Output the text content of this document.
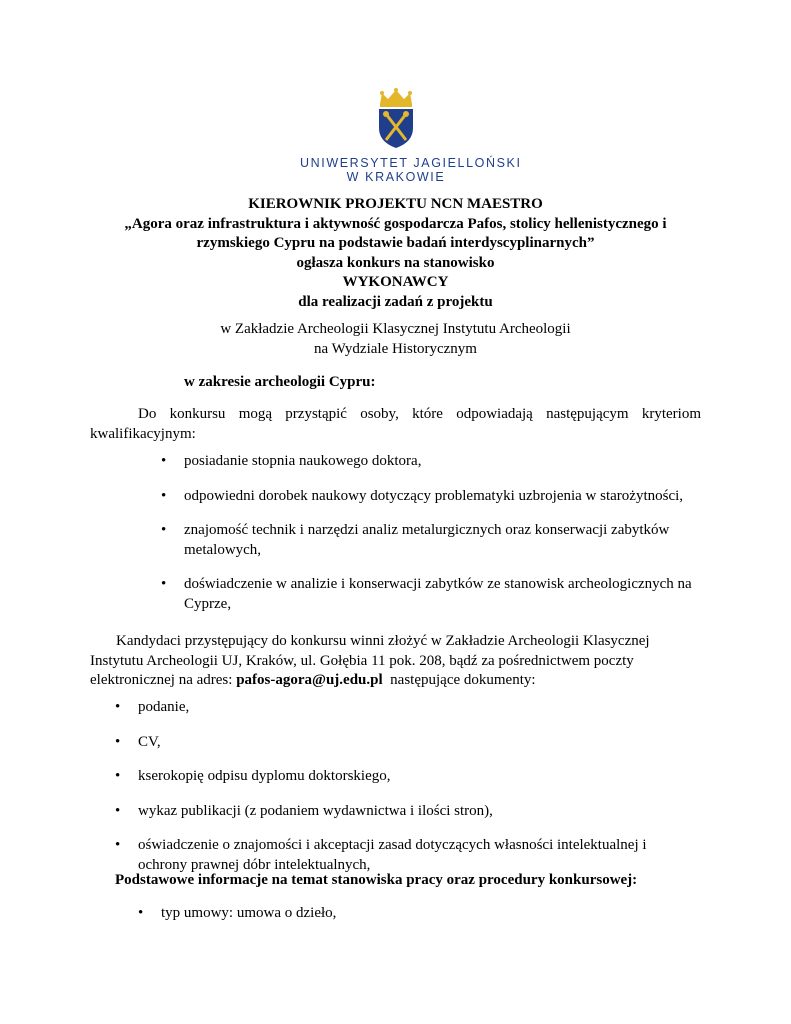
UNIWERSYTET JAGIELLOŃSKI
W KRAKOWIE
KIEROWNIK PROJEKTU NCN MAESTRO
„Agora oraz infrastruktura i aktywność gospodarcza Pafos, stolicy hellenistycznego i
rzymskiego Cypru na podstawie badań interdyscyplinarnych”
ogłasza konkurs na stanowisko
WYKONAWCY
dla realizacji zadań z projektu
w Zakładzie Archeologii Klasycznej Instytutu Archeologii
na Wydziale Historycznym
w zakresie archeologii Cypru:
Do konkursu mogą przystąpić osoby, które odpowiadają następującym kryteriom kwalifikacyjnym:
• posiadanie stopnia naukowego doktora,
• odpowiedni dorobek naukowy dotyczący problematyki uzbrojenia w starożytności,
• znajomość technik i narzędzi analiz metalurgicznych oraz konserwacji zabytków metalowych,
• doświadczenie w analizie i konserwacji zabytków ze stanowisk archeologicznych na Cyprze,
Kandydaci przystępujący do konkursu winni złożyć w Zakładzie Archeologii Klasycznej Instytutu Archeologii UJ, Kraków, ul. Gołębia 11 pok. 208, bądź za pośrednictwem poczty elektronicznej na adres: pafos-agora@uj.edu.pl  następujące dokumenty:
• podanie,
• CV,
• kserokopię odpisu dyplomu doktorskiego,
• wykaz publikacji (z podaniem wydawnictwa i ilości stron),
• oświadczenie o znajomości i akceptacji zasad dotyczących własności intelektualnej i ochrony prawnej dóbr intelektualnych,
Podstawowe informacje na temat stanowiska pracy oraz procedury konkursowej:
• typ umowy: umowa o dzieło,
